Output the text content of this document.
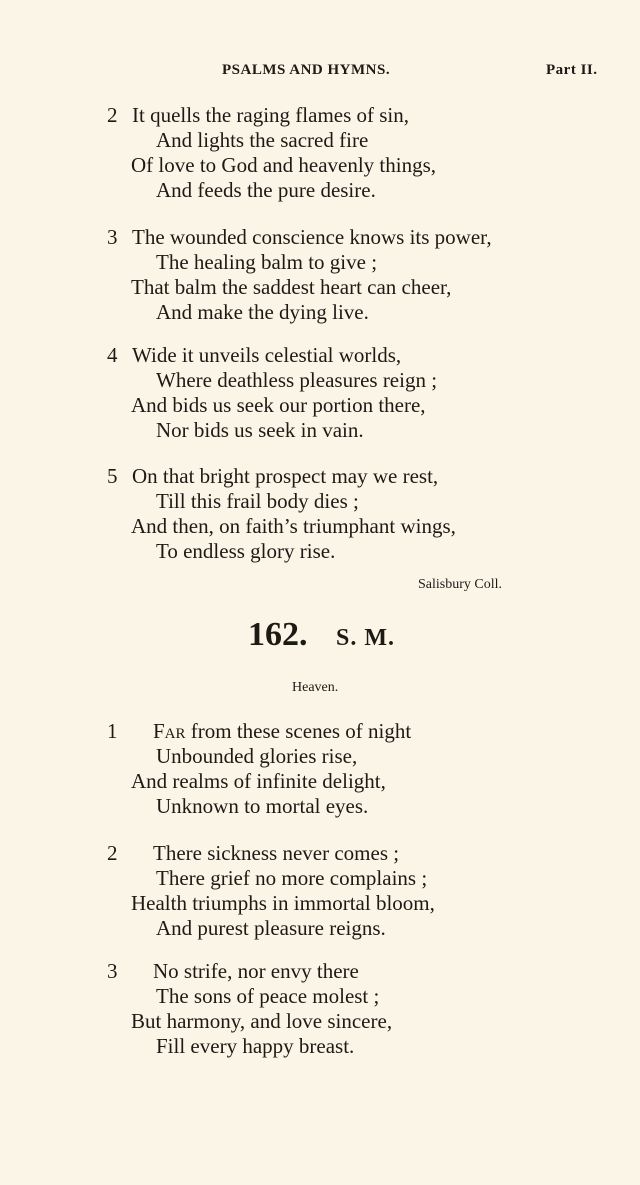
PSALMS AND HYMNS.	Part II.
2 It quells the raging flames of sin,
And lights the sacred fire
Of love to God and heavenly things,
And feeds the pure desire.
3 The wounded conscience knows its power,
The healing balm to give ;
That balm the saddest heart can cheer,
And make the dying live.
4 Wide it unveils celestial worlds,
Where deathless pleasures reign ;
And bids us seek our portion there,
Nor bids us seek in vain.
5 On that bright prospect may we rest,
Till this frail body dies ;
And then, on faith’s triumphant wings,
To endless glory rise.
Salisbury Coll.
162. S. M.
Heaven.
1 Far from these scenes of night
Unbounded glories rise,
And realms of infinite delight,
Unknown to mortal eyes.
2 There sickness never comes ;
There grief no more complains ;
Health triumphs in immortal bloom,
And purest pleasure reigns.
3 No strife, nor envy there
The sons of peace molest ;
But harmony, and love sincere,
Fill every happy breast.
